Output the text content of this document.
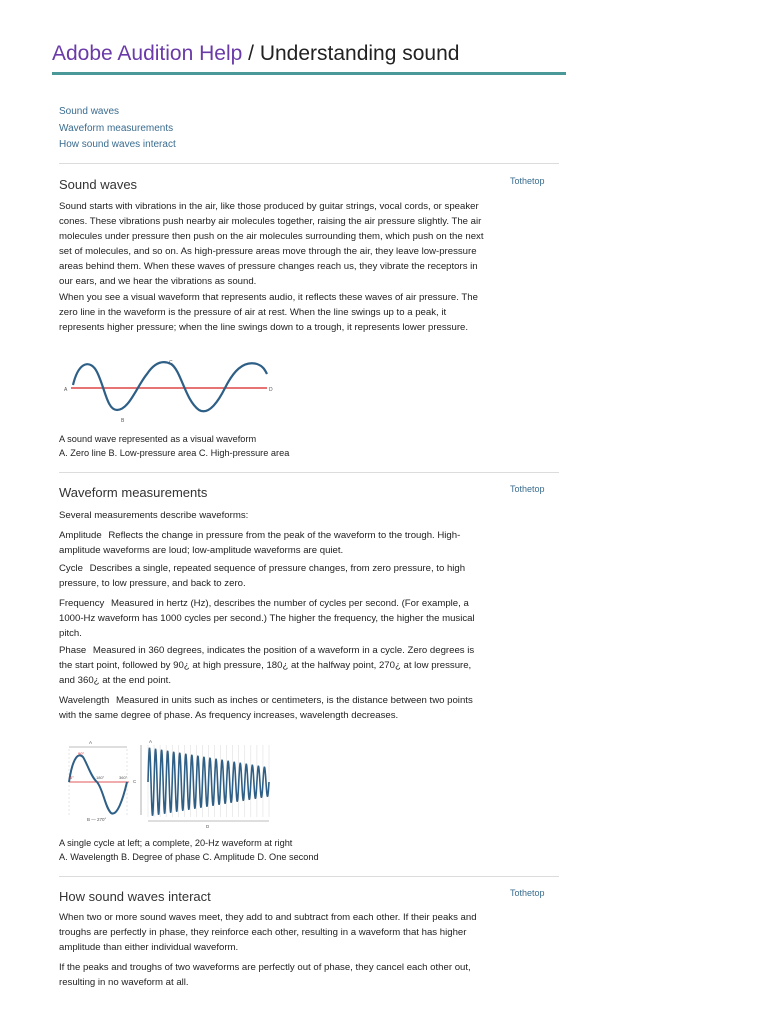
Adobe Audition Help / Understanding sound
Sound waves
Waveform measurements
How sound waves interact
Sound waves	Tothetop

Sound starts with vibrations in the air, like those produced by guitar strings, vocal cords, or speaker cones. These vibrations push nearby air molecules together, raising the air pressure slightly. The air molecules under pressure then push on the air molecules surrounding them, which push on the next set of molecules, and so on. As high-pressure areas move through the air, they leave low-pressure areas behind them. When these waves of pressure changes reach us, they vibrate the receptors in our ears, and we hear the vibrations as sound.

When you see a visual waveform that represents audio, it reflects these waves of air pressure. The zero line in the waveform is the pressure of air at rest. When the line swings up to a peak, it represents higher pressure; when the line swings down to a trough, it represents lower pressure.

A
B
C
D

A sound wave represented as a visual waveform

A. Zero line B. Low-pressure area C. High-pressure area

Waveform measurements	Tothetop

Several measurements describe waveforms:

Amplitude Reflects the change in pressure from the peak of the waveform to the trough. High-amplitude waveforms are loud; low-amplitude waveforms are quiet.

Cycle Describes a single, repeated sequence of pressure changes, from zero pressure, to high pressure, to low pressure, and back to zero.

Frequency Measured in hertz (Hz), describes the number of cycles per second. (For example, a 1000-Hz waveform has 1000 cycles per second.) The higher the frequency, the higher the musical pitch.

Phase Measured in 360 degrees, indicates the position of a waveform in a cycle. Zero degrees is the start point, followed by 90¿ at high pressure, 180¿ at the halfway point, 270¿ at low pressure, and 360¿ at the end point.

Wavelength Measured in units such as inches or centimeters, is the distance between two points with the same degree of phase. As frequency increases, wavelength decreases.

A
90°
0°	180°	360°
B — 270°
A
C
D

A single cycle at left; a complete, 20-Hz waveform at right

A. Wavelength B. Degree of phase C. Amplitude D. One second

How sound waves interact	Tothetop

When two or more sound waves meet, they add to and subtract from each other. If their peaks and troughs are perfectly in phase, they reinforce each other, resulting in a waveform that has higher amplitude than either individual waveform.

If the peaks and troughs of two waveforms are perfectly out of phase, they cancel each other out, resulting in no waveform at all.
